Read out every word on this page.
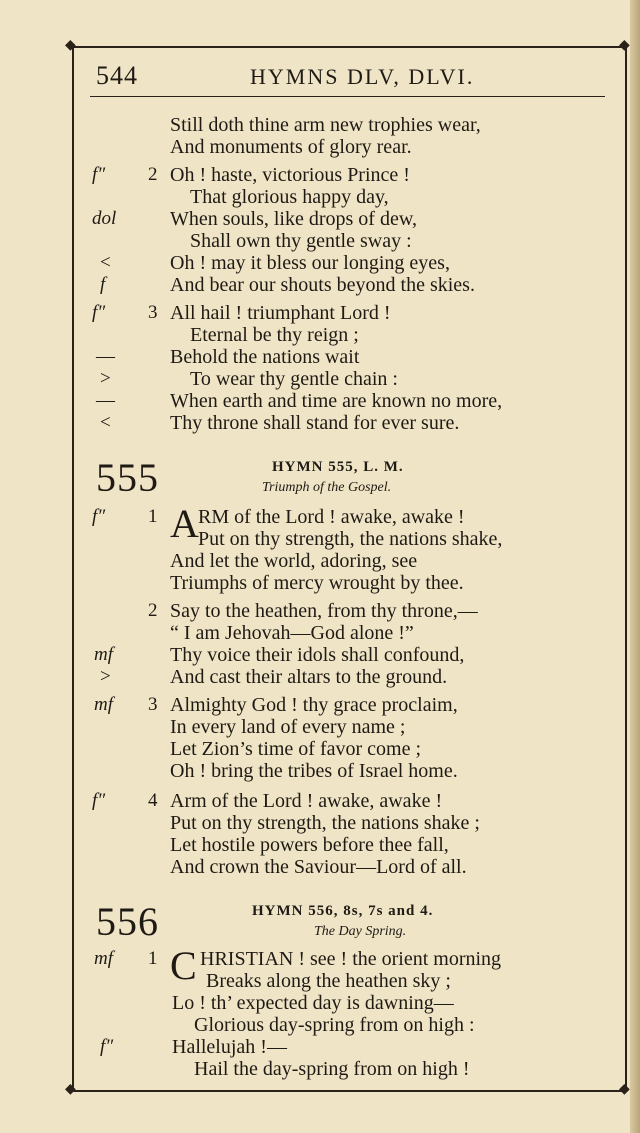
◆	◆
◆	◆
544	HYMNS DLV, DLVI.
Still doth thine arm new trophies wear,
And monuments of glory rear.
f″ 2 Oh ! haste, victorious Prince !
That glorious happy day,
dol	When souls, like drops of dew,
Shall own thy gentle sway :
<	Oh ! may it bless our longing eyes,
f	And bear our shouts beyond the skies.
f″ 3 All hail ! triumphant Lord !
Eternal be thy reign ;
—	Behold the nations wait
>	To wear thy gentle chain :
—	When earth and time are known no more,
<	Thy throne shall stand for ever sure.
555	HYMN 555, L. M.
Triumph of the Gospel.
f″ 1 A RM of the Lord ! awake, awake !
Put on thy strength, the nations shake,
And let the world, adoring, see
Triumphs of mercy wrought by thee.
2 Say to the heathen, from thy throne,—
“ I am Jehovah—God alone !”
mf	Thy voice their idols shall confound,
>	And cast their altars to the ground.
mf 3 Almighty God ! thy grace proclaim,
In every land of every name ;
Let Zion’s time of favor come ;
Oh ! bring the tribes of Israel home.
f″ 4 Arm of the Lord ! awake, awake !
Put on thy strength, the nations shake ;
Let hostile powers before thee fall,
And crown the Saviour—Lord of all.
556	HYMN 556, 8s, 7s and 4.
The Day Spring.
mf 1 C HRISTIAN ! see ! the orient morning
Breaks along the heathen sky ;
Lo ! th’ expected day is dawning—
Glorious day-spring from on high :
f″	Hallelujah !—
Hail the day-spring from on high !
